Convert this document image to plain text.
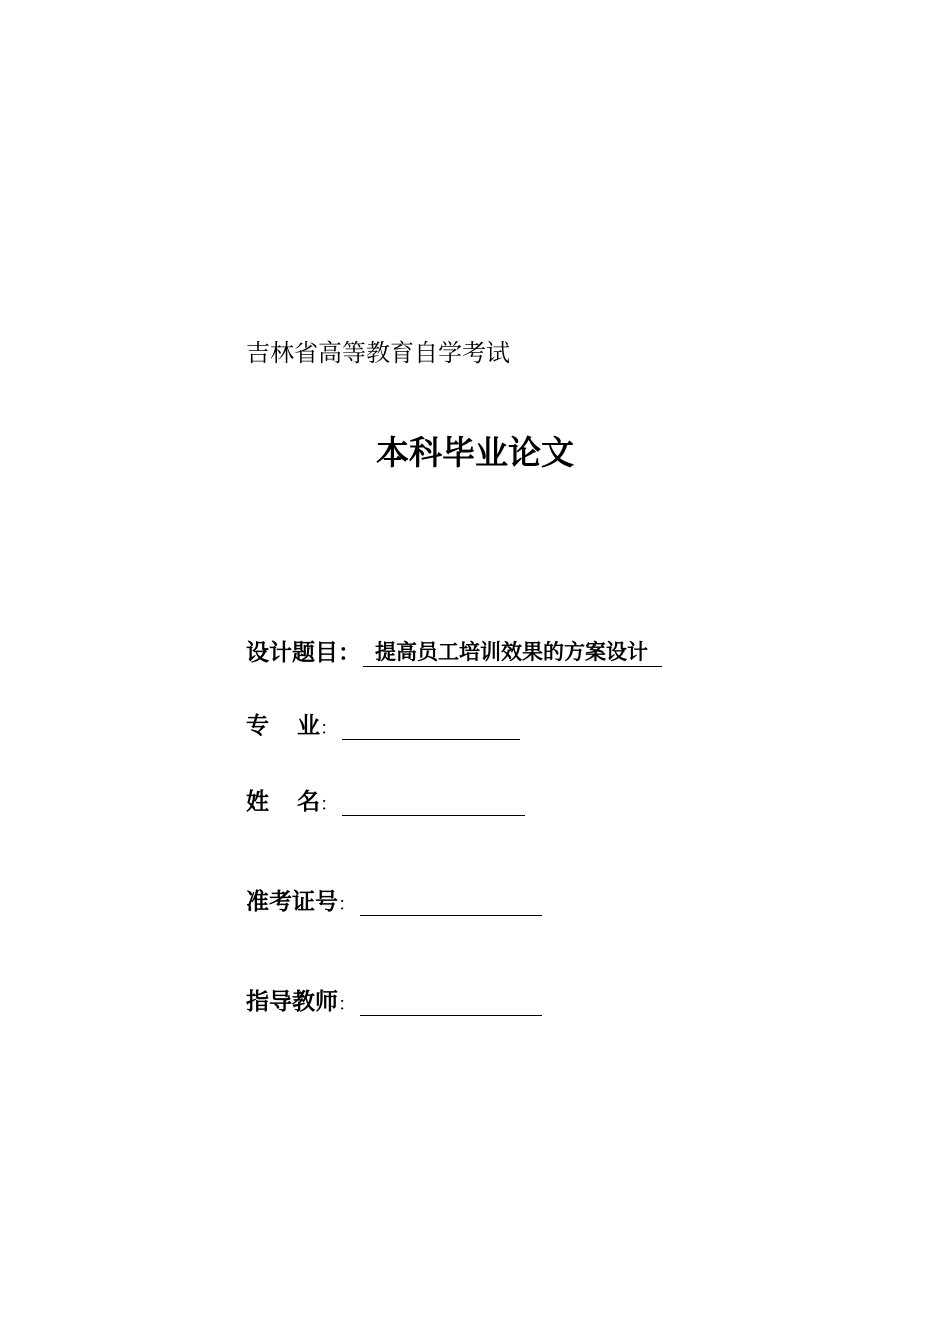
吉林省高等教育自学考试
本科毕业论文
设计题目： 提高员工培训效果的方案设计
专 业 ：
姓 名 ：
准考证号 ：
指导教师 ：
